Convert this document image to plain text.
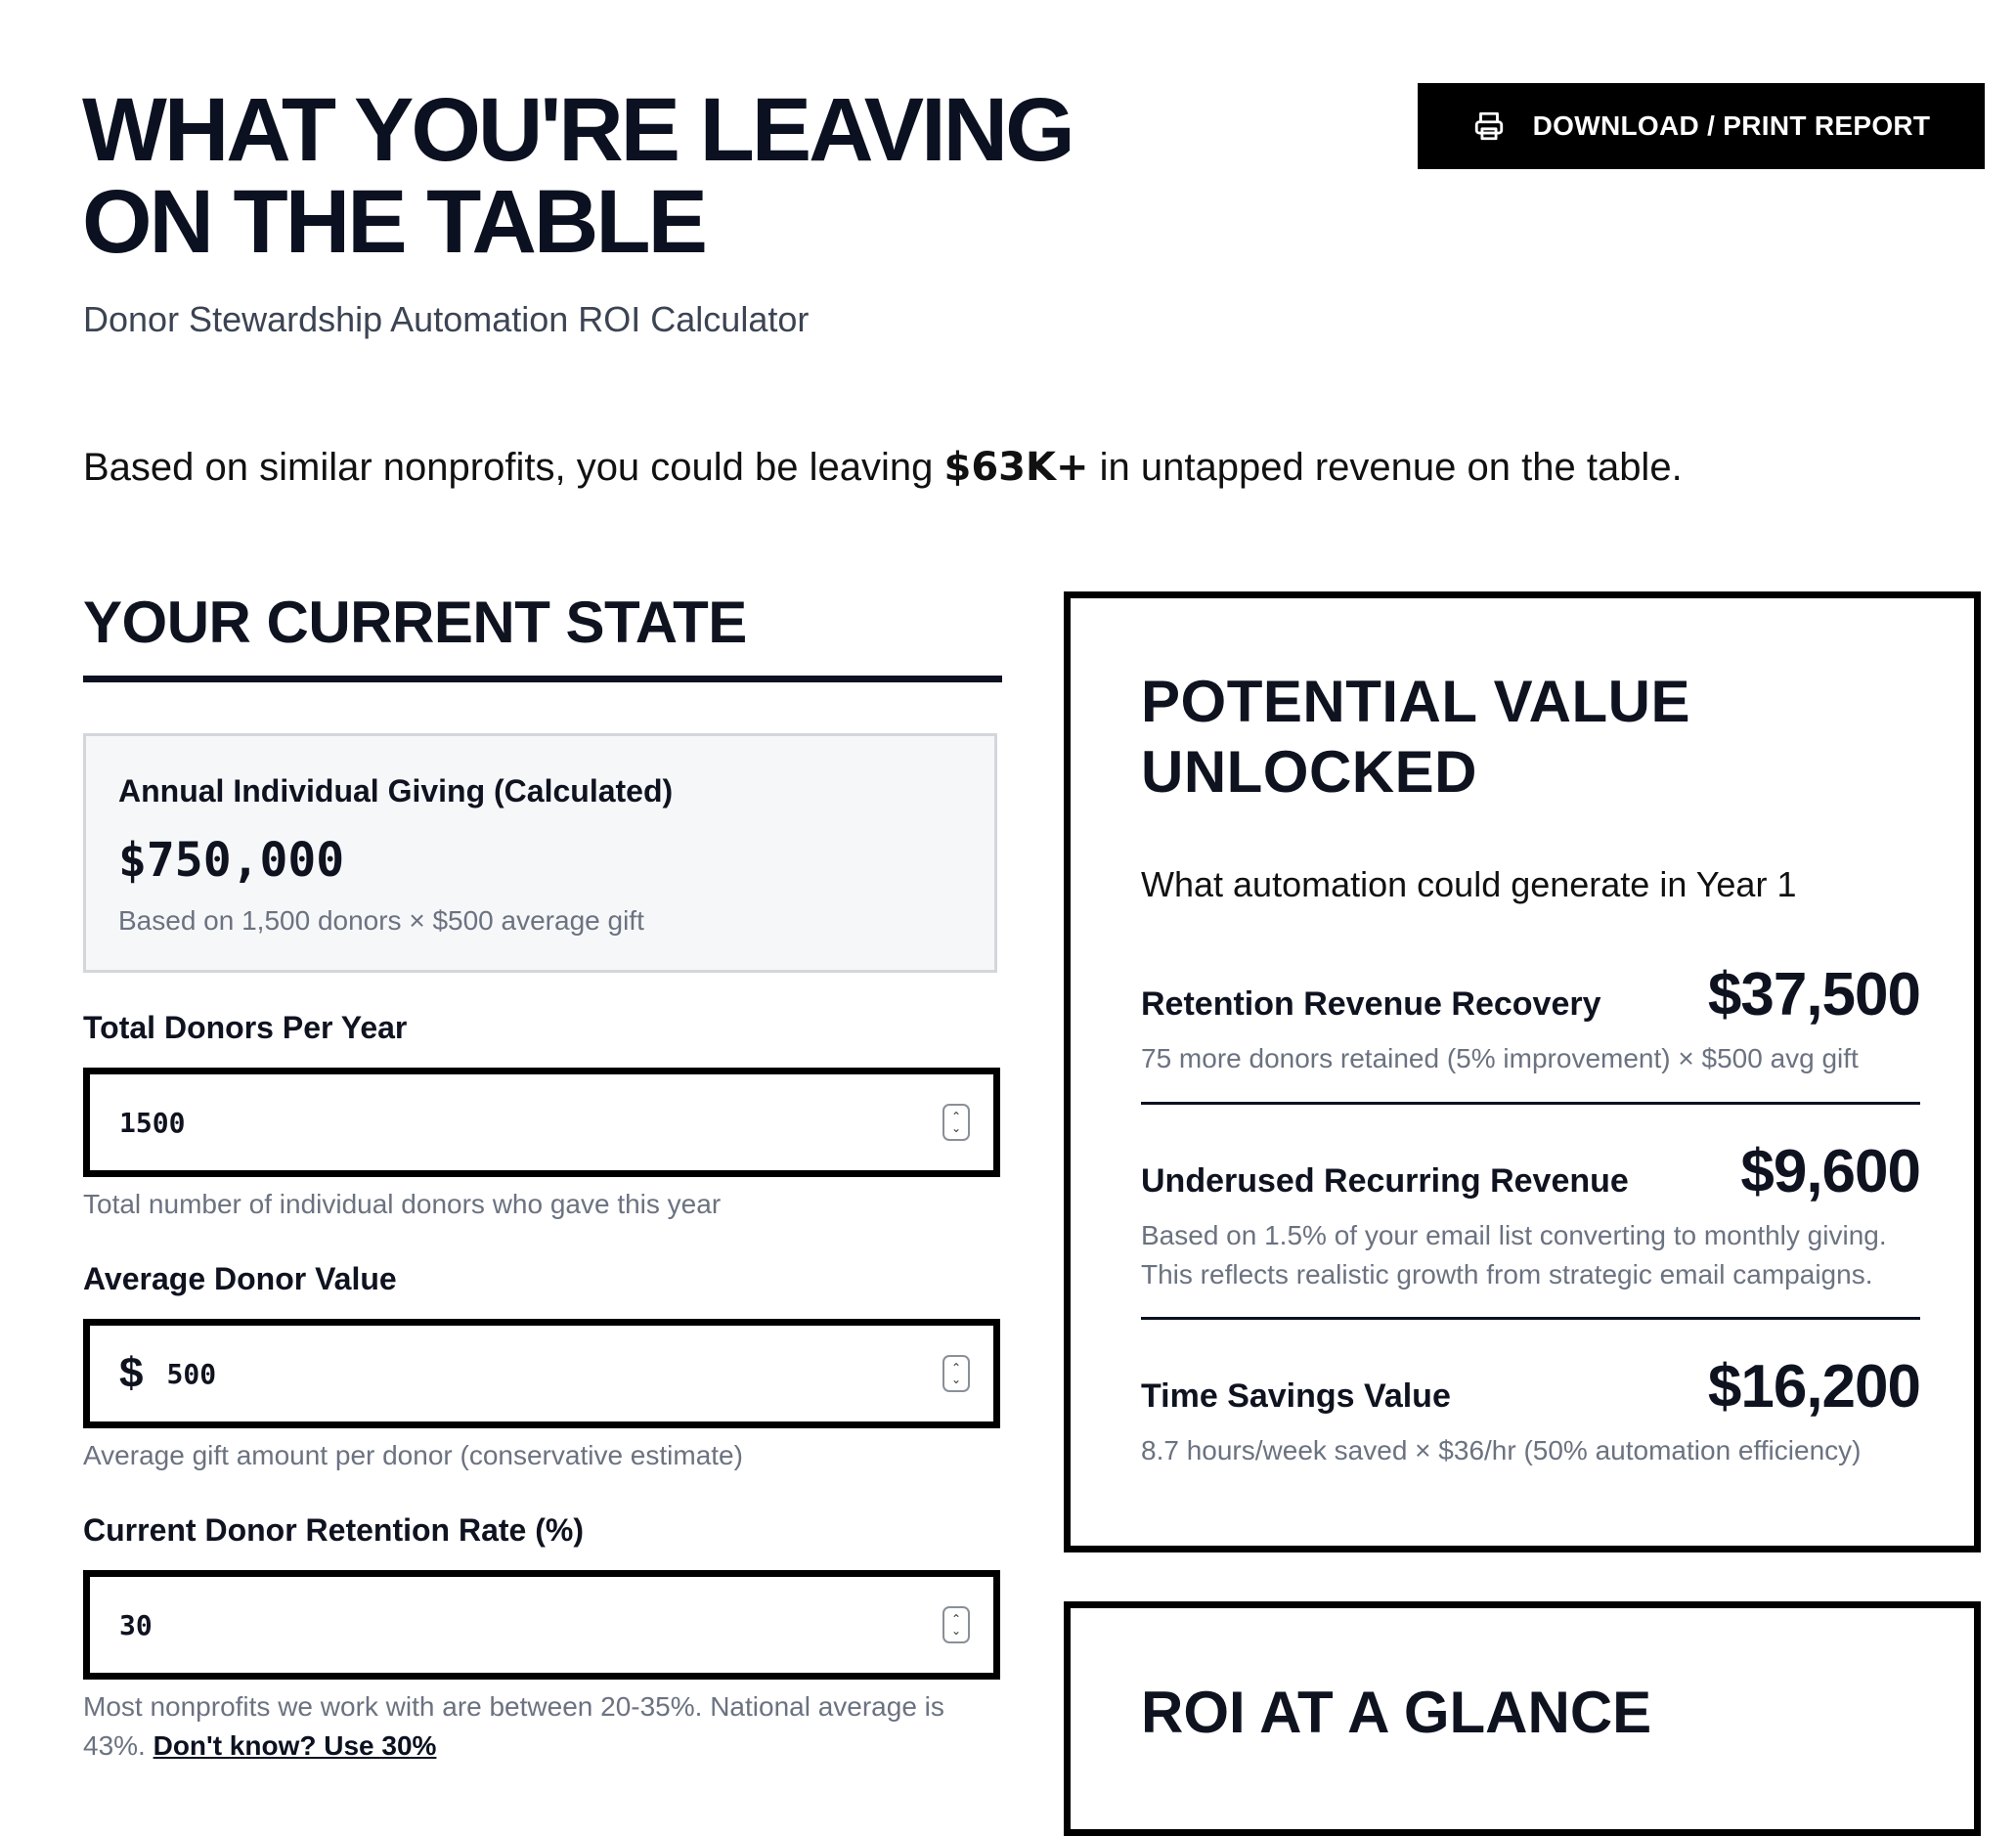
WHAT YOU'RE LEAVING
ON THE TABLE
Donor Stewardship Automation ROI Calculator
DOWNLOAD / PRINT REPORT
Based on similar nonprofits, you could be leaving $63K+ in untapped revenue on the table.
YOUR CURRENT STATE
Annual Individual Giving (Calculated)
$750,000
Based on 1,500 donors × $500 average gift
Total Donors Per Year
1500	⌃
⌄
Total number of individual donors who gave this year
Average Donor Value
$ 500	⌃
⌄
Average gift amount per donor (conservative estimate)
Current Donor Retention Rate (%)
30	⌃
⌄
Most nonprofits we work with are between 20-35%. National average is 43%. Don't know? Use 30%
POTENTIAL VALUE
UNLOCKED
What automation could generate in Year 1
Retention Revenue Recovery $37,500
75 more donors retained (5% improvement) × $500 avg gift
Underused Recurring Revenue $9,600
Based on 1.5% of your email list converting to monthly giving. This reflects realistic growth from strategic email campaigns.
Time Savings Value	$16,200
8.7 hours/week saved × $36/hr (50% automation efficiency)
ROI AT A GLANCE
